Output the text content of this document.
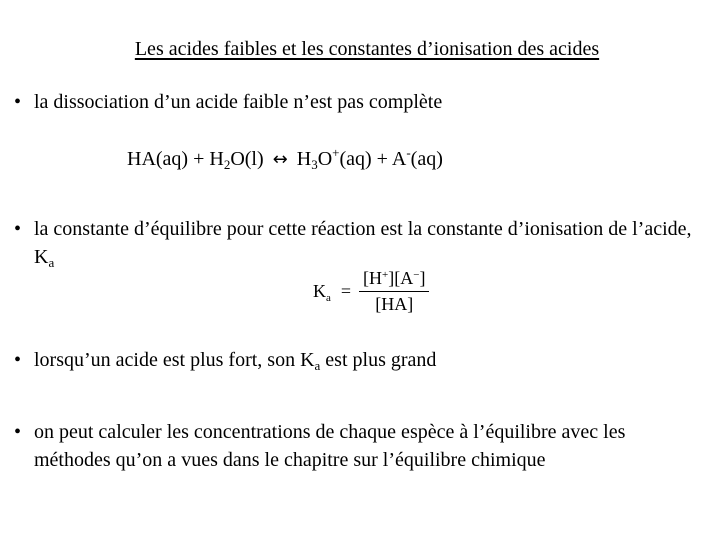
Les acides faibles et les constantes d’ionisation des acides
• la dissociation d’un acide faible n’est pas complète
$HA(aq) + H_2O(l)$ ↔ $H_3O^+(aq) + A^-(aq)$
• la constante d’équilibre pour cette réaction est la constante d’ionisation de l’acide, $K_a$
$K_a = \frac{[H^+][A^-]}{[HA]}$
• lorsqu’un acide est plus fort, son $K_a$ est plus grand
• on peut calculer les concentrations de chaque espèce à l’équilibre avec les méthodes qu’on a vues dans le chapitre sur l’équilibre chimique
